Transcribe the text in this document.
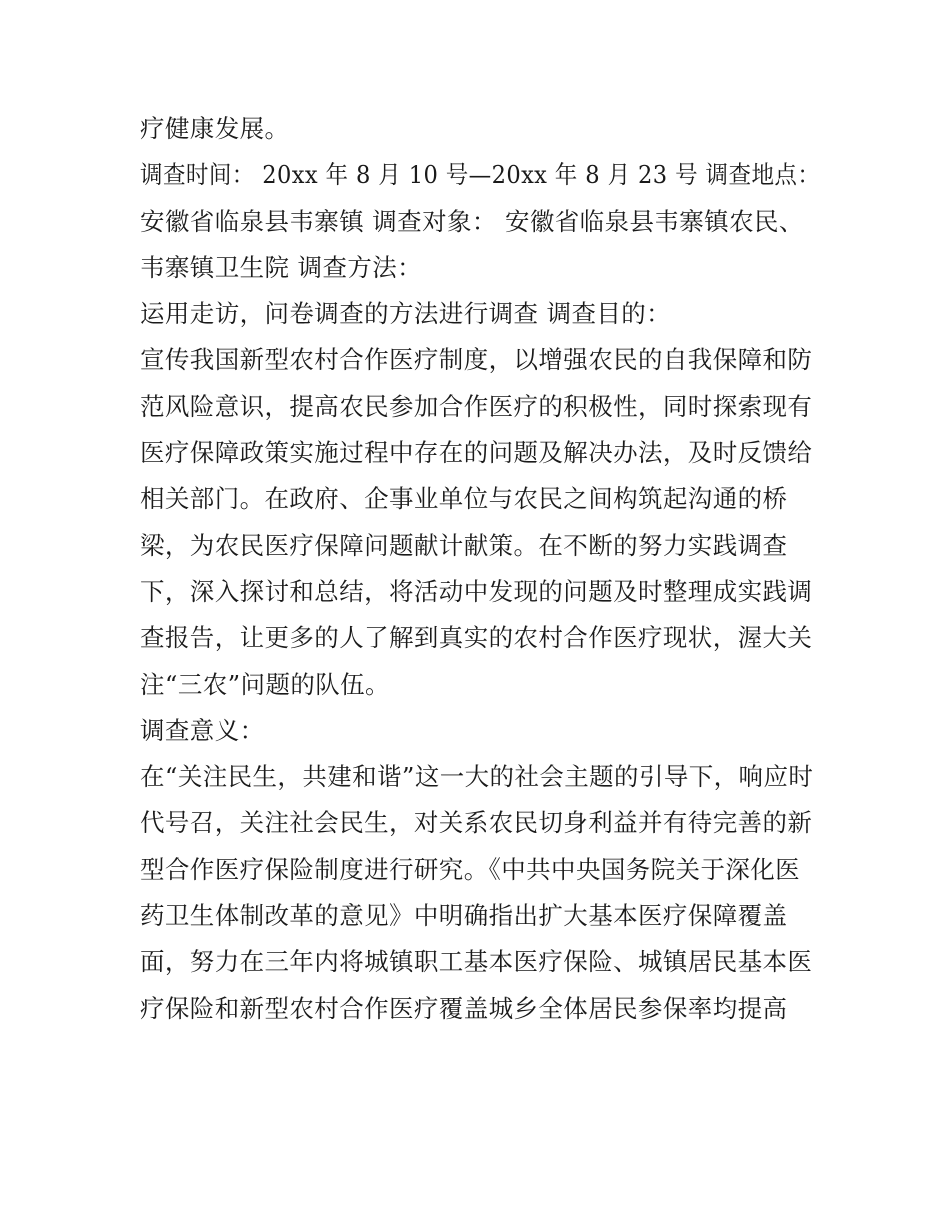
疗健康发展。
调查时间： 20xx 年 8 月 10 号—20xx 年 8 月 23 号 调查地点：
安徽省临泉县韦寨镇 调查对象： 安徽省临泉县韦寨镇农民、
韦寨镇卫生院 调查方法：
运用走访，问卷调查的方法进行调查 调查目的：
宣传我国新型农村合作医疗制度，以增强农民的自我保障和防
范风险意识，提高农民参加合作医疗的积极性，同时探索现有
医疗保障政策实施过程中存在的问题及解决办法，及时反馈给
相关部门。在政府、企事业单位与农民之间构筑起沟通的桥
梁，为农民医疗保障问题献计献策。在不断的努力实践调查
下，深入探讨和总结，将活动中发现的问题及时整理成实践调
查报告，让更多的人了解到真实的农村合作医疗现状，渥大关
注“三农”问题的队伍。
调查意义：
在“关注民生，共建和谐”这一大的社会主题的引导下，响应时
代号召，关注社会民生，对关系农民切身利益并有待完善的新
型合作医疗保险制度进行研究。《中共中央国务院关于深化医
药卫生体制改革的意见》中明确指出扩大基本医疗保障覆盖
面，努力在三年内将城镇职工基本医疗保险、城镇居民基本医
疗保险和新型农村合作医疗覆盖城乡全体居民参保率均提高
